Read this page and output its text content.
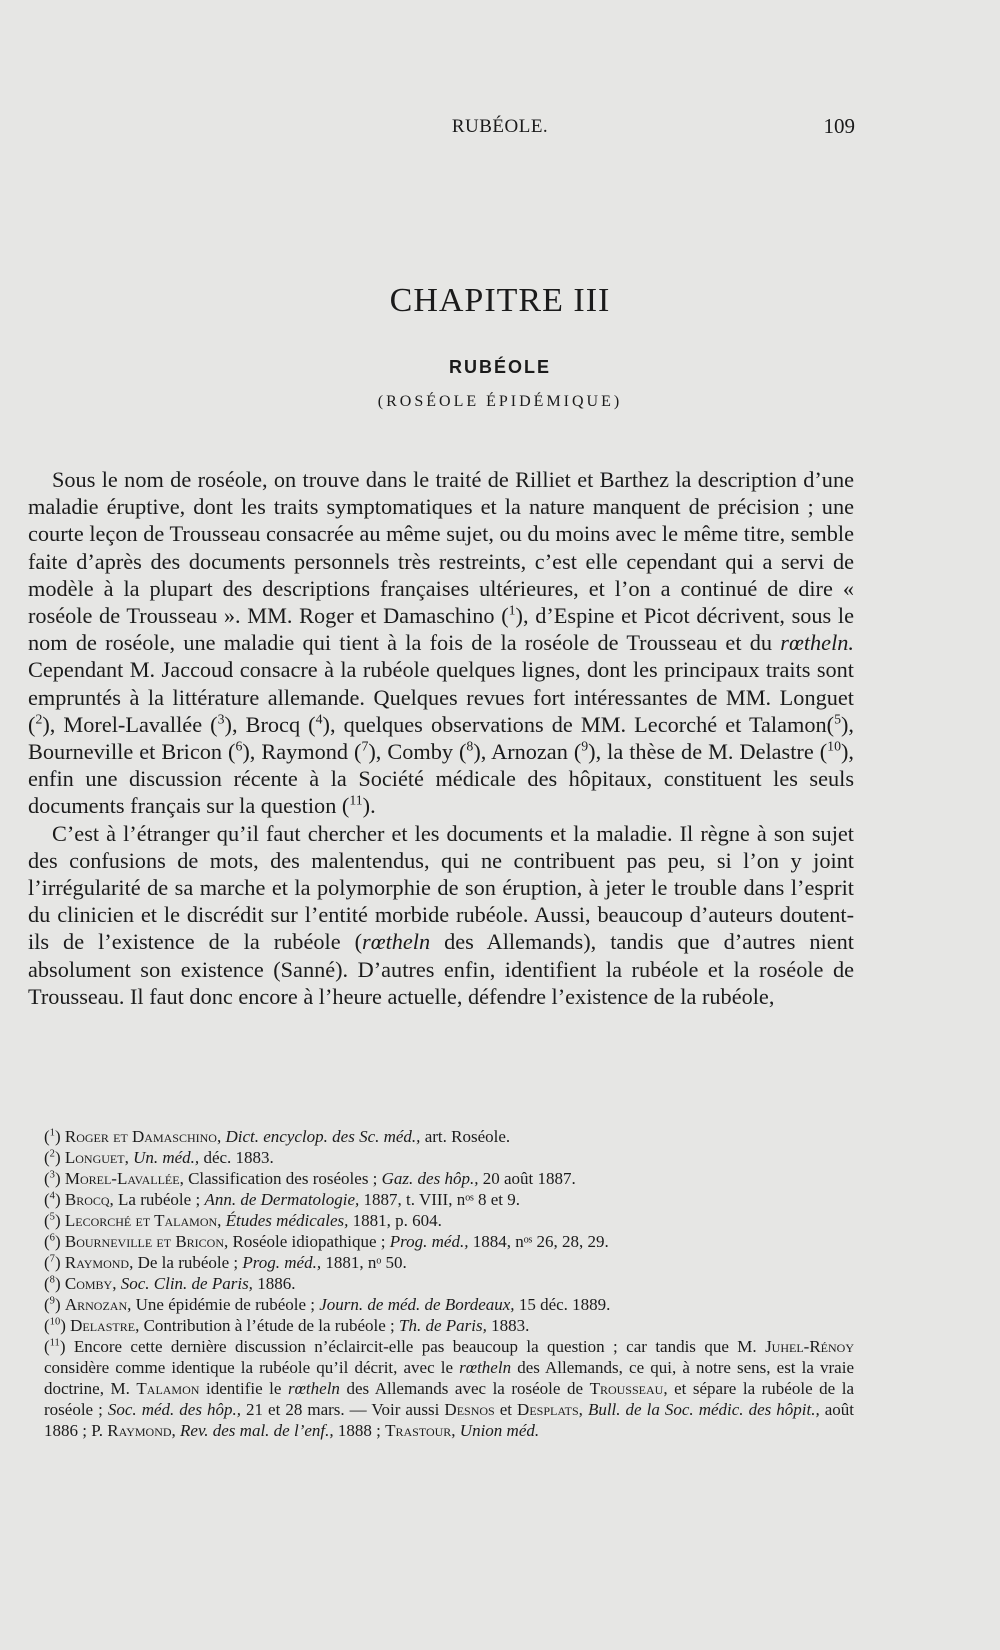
RUBÉOLE.	109
CHAPITRE III
RUBÉOLE
(ROSÉOLE ÉPIDÉMIQUE)

Sous le nom de roséole, on trouve dans le traité de Rilliet et Barthez la description d’une maladie éruptive, dont les traits symptomatiques et la nature manquent de précision ; une courte leçon de Trousseau consacrée au même sujet, ou du moins avec le même titre, semble faite d’après des documents personnels très restreints, c’est elle cependant qui a servi de modèle à la plupart des descriptions françaises ultérieures, et l’on a continué de dire « roséole de Trousseau ». MM. Roger et Damaschino ($^1$), d’Espine et Picot décrivent, sous le nom de roséole, une maladie qui tient à la fois de la roséole de Trousseau et du rœtheln. Cependant M. Jaccoud consacre à la rubéole quelques lignes, dont les principaux traits sont empruntés à la littérature allemande. Quelques revues fort intéressantes de MM. Longuet ($^2$), Morel-Lavallée ($^3$), Brocq ($^4$), quelques observations de MM. Lecorché et Talamon($^5$), Bourneville et Bricon ($^6$), Raymond ($^7$), Comby ($^8$), Arnozan ($^9$), la thèse de M. Delastre ($^{10}$), enfin une discussion récente à la Société médicale des hôpitaux, constituent les seuls documents français sur la question ($^{11}$).

C’est à l’étranger qu’il faut chercher et les documents et la maladie. Il règne à son sujet des confusions de mots, des malentendus, qui ne contribuent pas peu, si l’on y joint l’irrégularité de sa marche et la polymorphie de son éruption, à jeter le trouble dans l’esprit du clinicien et le discrédit sur l’entité morbide rubéole. Aussi, beaucoup d’auteurs doutent-ils de l’existence de la rubéole (rœtheln des Allemands), tandis que d’autres nient absolument son existence (Sanné). D’autres enfin, identifient la rubéole et la roséole de Trousseau. Il faut donc encore à l’heure actuelle, défendre l’existence de la rubéole,

($^1$) Roger et Damaschino, Dict. encyclop. des Sc. méd., art. Roséole.
($^2$) Longuet, Un. méd., déc. 1883.
($^3$) Morel-Lavallée, Classification des roséoles ; Gaz. des hôp., 20 août 1887.
($^4$) Brocq, La rubéole ; Ann. de Dermatologie, 1887, t. VIII, nᵒˢ 8 et 9.
($^5$) Lecorché et Talamon, Études médicales, 1881, p. 604.
($^6$) Bourneville et Bricon, Roséole idiopathique ; Prog. méd., 1884, nᵒˢ 26, 28, 29.
($^7$) Raymond, De la rubéole ; Prog. méd., 1881, nᵒ 50.
($^8$) Comby, Soc. Clin. de Paris, 1886.
($^9$) Arnozan, Une épidémie de rubéole ; Journ. de méd. de Bordeaux, 15 déc. 1889.
($^{10}$) Delastre, Contribution à l’étude de la rubéole ; Th. de Paris, 1883.
($^{11}$) Encore cette dernière discussion n’éclaircit-elle pas beaucoup la question ; car tandis que M. Juhel-Rénoy considère comme identique la rubéole qu’il décrit, avec le rœtheln des Allemands, ce qui, à notre sens, est la vraie doctrine, M. Talamon identifie le rœtheln des Allemands avec la roséole de Trousseau, et sépare la rubéole de la roséole ; Soc. méd. des hôp., 21 et 28 mars. — Voir aussi Desnos et Desplats, Bull. de la Soc. médic. des hôpit., août 1886 ; P. Raymond, Rev. des mal. de l’enf., 1888 ; Trastour, Union méd.
